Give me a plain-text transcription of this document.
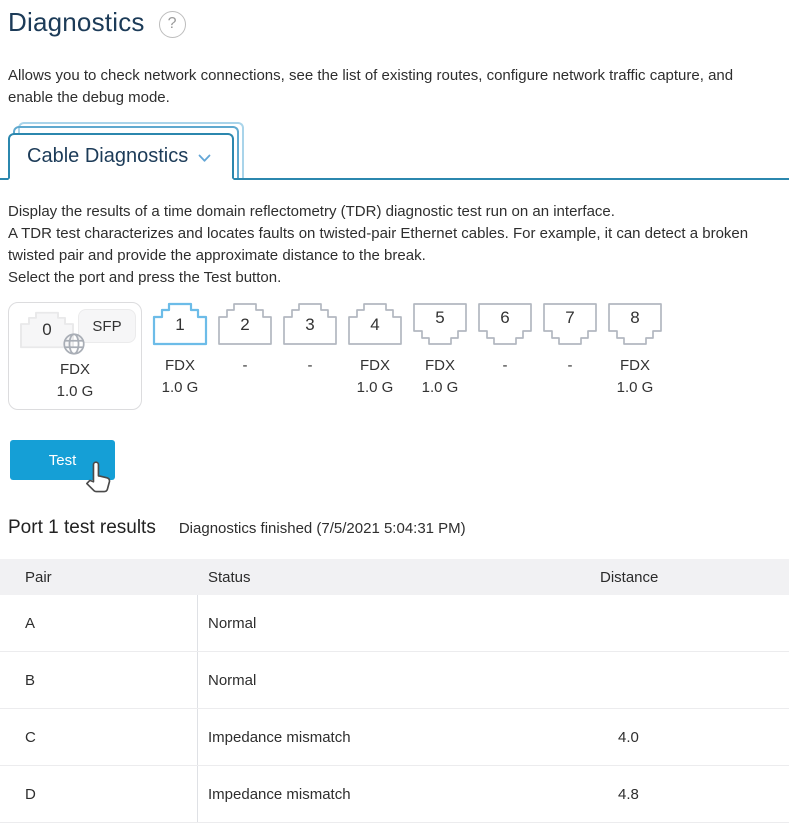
Diagnostics	?
Allows you to check network connections, see the list of existing routes, configure network traffic capture, and enable the debug mode.
Cable Diagnostics
Display the results of a time domain reflectometry (TDR) diagnostic test run on an interface.
A TDR test characterizes and locates faults on twisted-pair Ethernet cables. For example, it can detect a broken twisted pair and provide the approximate distance to the break.
Select the port and press the Test button.
0	SFP
FDX
1.0 G
1
FDX
1.0 G
2
-
3
-
4
FDX
1.0 G
5
FDX
1.0 G
6
-
7
-
8
FDX
1.0 G
Test
Port 1 test results Diagnostics finished (7/5/2021 5:04:31 PM)
Pair	Status	Distance
A	Normal
B	Normal
C	Impedance mismatch	4.0
D	Impedance mismatch	4.8
